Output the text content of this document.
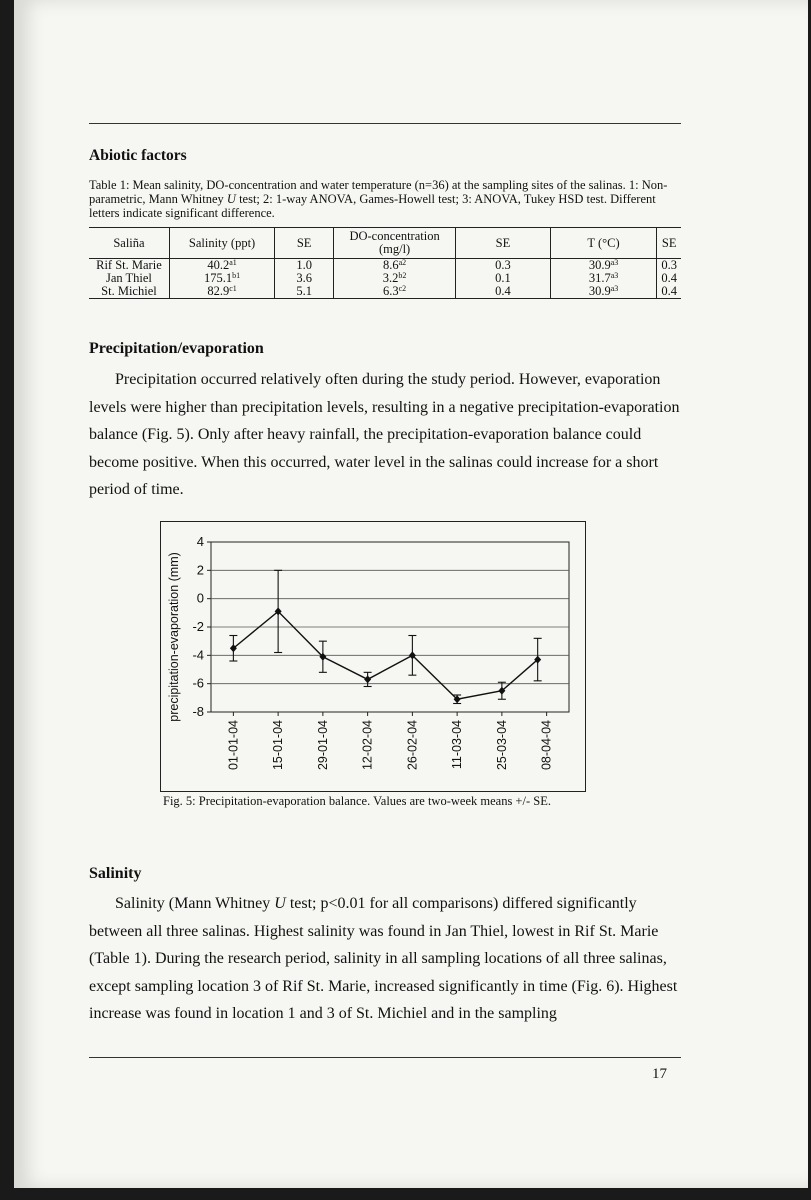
Abiotic factors
Table 1: Mean salinity, DO-concentration and water temperature (n=36) at the sampling sites of the salinas. 1: Non-parametric, Mann Whitney U test; 2: 1-way ANOVA, Games-Howell test; 3: ANOVA, Tukey HSD test. Different letters indicate significant difference.
Saliña	Salinity (ppt)	SE	DO-concentration (mg/l)	SE	T (°C)	SE
Rif St. Marie	$40.2^{a1}$	1.0	$8.6^{a2}$	0.3	$30.9^{a3}$	0.3
Jan Thiel	$175.1^{b1}$	3.6	$3.2^{b2}$	0.1	$31.7^{a3}$	0.4
St. Michiel	$82.9^{c1}$	5.1	$6.3^{c2}$	0.4	$30.9^{a3}$	0.4
Precipitation/evaporation

Precipitation occurred relatively often during the study period. However, evaporation levels were higher than precipitation levels, resulting in a negative precipitation-evaporation balance (Fig. 5). Only after heavy rainfall, the precipitation-evaporation balance could become positive. When this occurred, water level in the salinas could increase for a short period of time.

4
2
0
-2
-4
-6
-8
01-01-04 15-01-04 29-01-04 12-02-04 26-02-04 11-03-04 25-03-04 08-04-04
precipitation-evaporation (mm)
Fig. 5: Precipitation-evaporation balance. Values are two-week means +/- SE.
Salinity

Salinity (Mann Whitney U test; p<0.01 for all comparisons) differed significantly between all three salinas. Highest salinity was found in Jan Thiel, lowest in Rif St. Marie (Table 1). During the research period, salinity in all sampling locations of all three salinas, except sampling location 3 of Rif St. Marie, increased significantly in time (Fig. 6). Highest increase was found in location 1 and 3 of St. Michiel and in the sampling

17
